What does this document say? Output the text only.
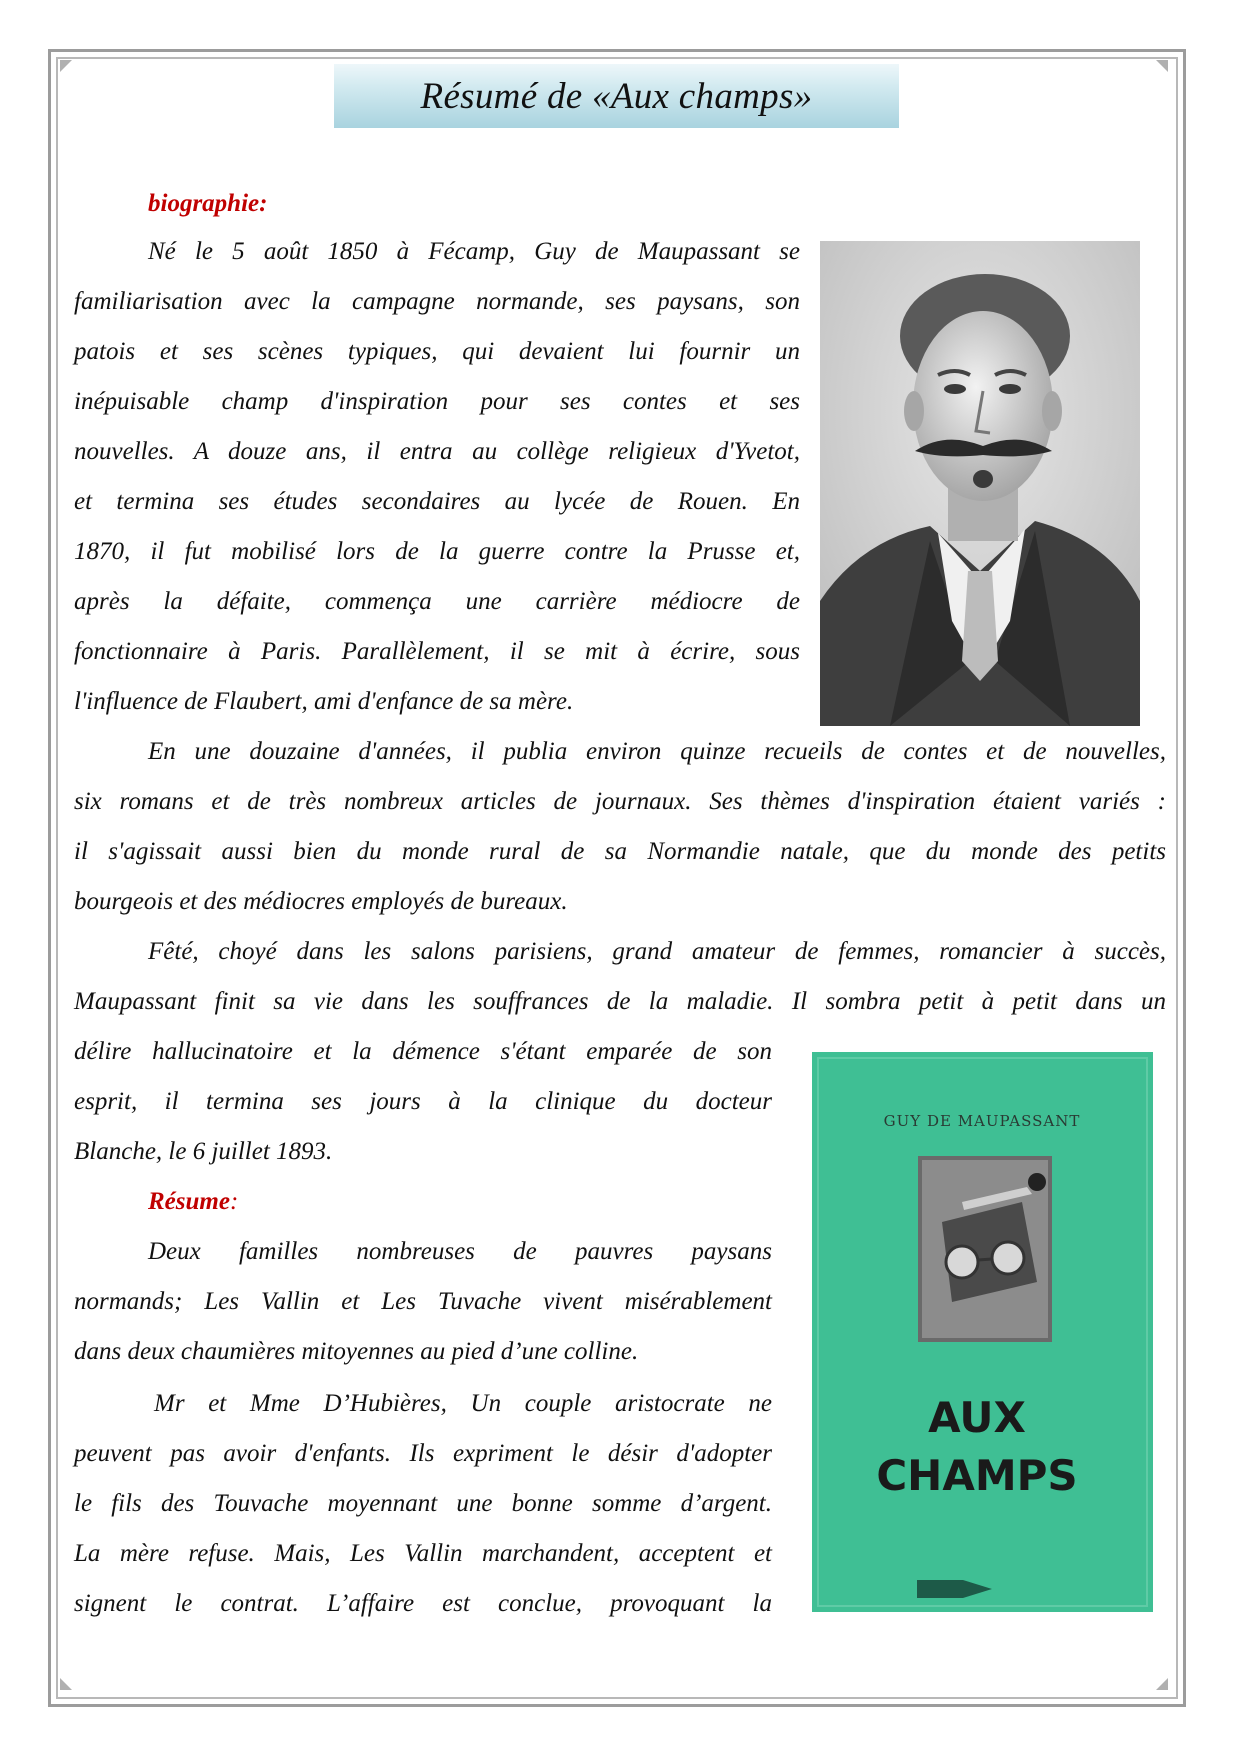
Résumé de «Aux champs»
biographie:
Né le 5 août 1850 à Fécamp, Guy de Maupassant se
familiarisation avec la campagne normande, ses paysans, son
patois et ses scènes typiques, qui devaient lui fournir un
inépuisable champ d'inspiration pour ses contes et ses
nouvelles. A douze ans, il entra au collège religieux d'Yvetot,
et termina ses études secondaires au lycée de Rouen. En
1870, il fut mobilisé lors de la guerre contre la Prusse et,
après la défaite, commença une carrière médiocre de
fonctionnaire à Paris. Parallèlement, il se mit à écrire, sous
l'influence de Flaubert, ami d'enfance de sa mère.
En une douzaine d'années, il publia environ quinze recueils de contes et de nouvelles,
six romans et de très nombreux articles de journaux. Ses thèmes d'inspiration étaient variés :
il s'agissait aussi bien du monde rural de sa Normandie natale, que du monde des petits
bourgeois et des médiocres employés de bureaux.
Fêté, choyé dans les salons parisiens, grand amateur de femmes, romancier à succès,
Maupassant finit sa vie dans les souffrances de la maladie. Il sombra petit à petit dans un
délire hallucinatoire et la démence s'étant emparée de son
esprit, il termina ses jours à la clinique du docteur
Blanche, le 6 juillet 1893.
Résume:
Deux familles nombreuses de pauvres paysans
normands; Les Vallin et Les Tuvache vivent misérablement
dans deux chaumières mitoyennes au pied d’une colline.
Mr et Mme D’Hubières, Un couple aristocrate ne
peuvent pas avoir d'enfants. Ils expriment le désir d'adopter
le fils des Touvache moyennant une bonne somme d’argent.
La mère refuse. Mais, Les Vallin marchandent, acceptent et
signent le contrat. L’affaire est conclue, provoquant la
GUY DE MAUPASSANT
AUX
CHAMPS
